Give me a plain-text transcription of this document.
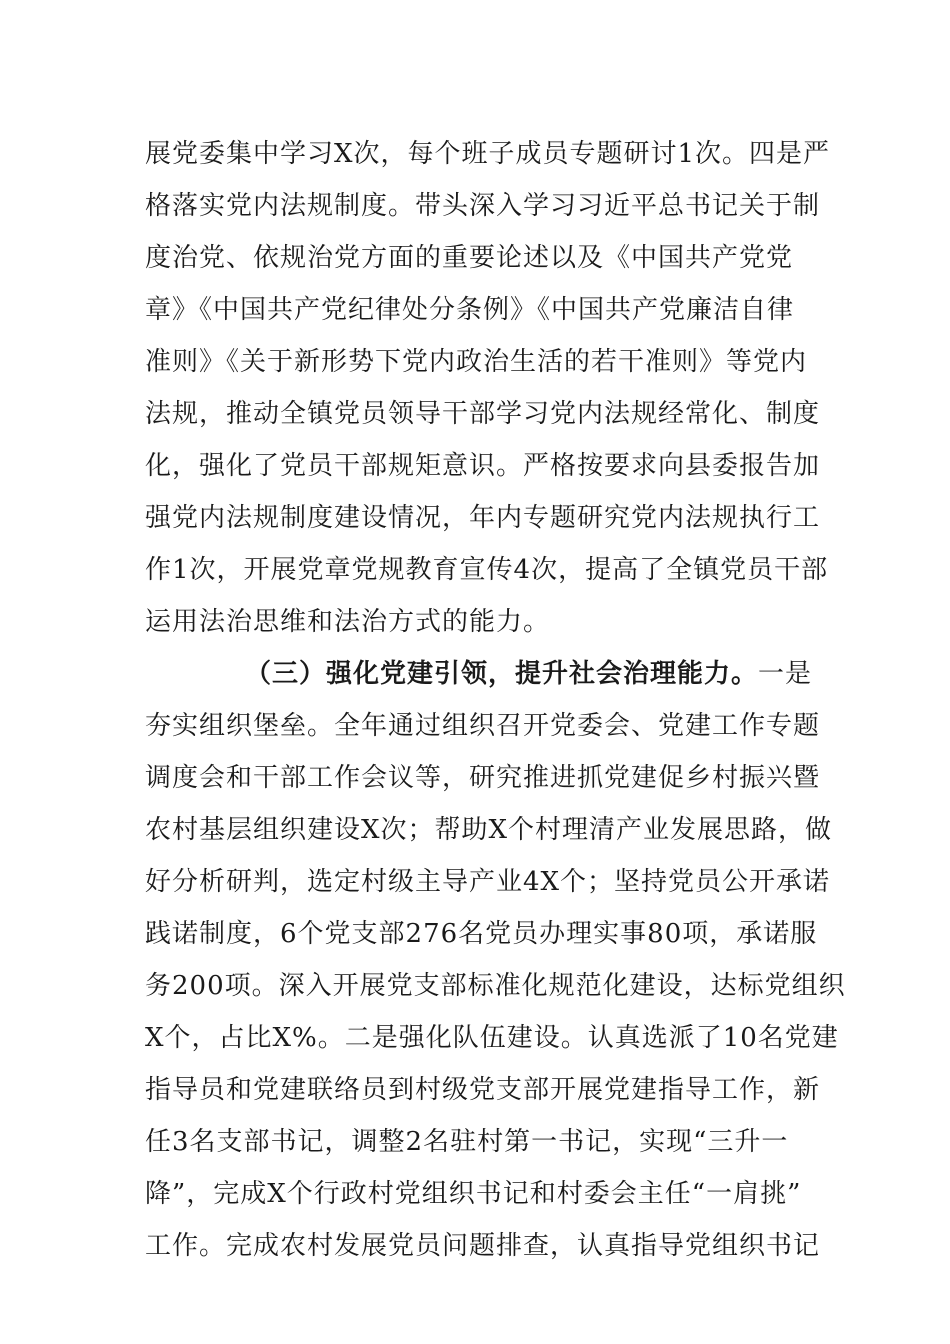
展党委集中学习X次，每个班子成员专题研讨1次。四是严
格落实党内法规制度。带头深入学习习近平总书记关于制
度治党、依规治党方面的重要论述以及《中国共产党党
章》《中国共产党纪律处分条例》《中国共产党廉洁自律
准则》《关于新形势下党内政治生活的若干准则》等党内
法规，推动全镇党员领导干部学习党内法规经常化、制度
化，强化了党员干部规矩意识。严格按要求向县委报告加
强党内法规制度建设情况，年内专题研究党内法规执行工
作1次，开展党章党规教育宣传4次，提高了全镇党员干部
运用法治思维和法治方式的能力。
（三）强化党建引领，提升社会治理能力。一是
夯实组织堡垒。全年通过组织召开党委会、党建工作专题
调度会和干部工作会议等，研究推进抓党建促乡村振兴暨
农村基层组织建设X次；帮助X个村理清产业发展思路，做
好分析研判，选定村级主导产业4X个；坚持党员公开承诺
践诺制度，6个党支部276名党员办理实事80项，承诺服
务200项。深入开展党支部标准化规范化建设，达标党组织
X个，占比X%。二是强化队伍建设。认真选派了10名党建
指导员和党建联络员到村级党支部开展党建指导工作，新
任3名支部书记，调整2名驻村第一书记，实现“三升一
降”，完成X个行政村党组织书记和村委会主任“一肩挑”
工作。完成农村发展党员问题排查，认真指导党组织书记
